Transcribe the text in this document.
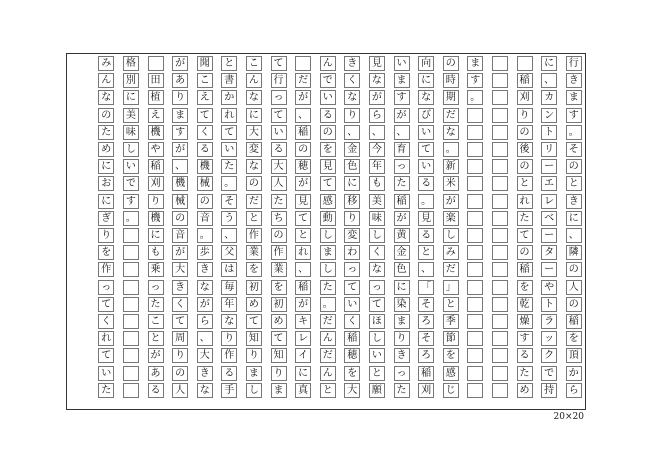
行
き
ま
す
。
そ
の
と
き
に
、
隣
の
人
の
稲
を
頂
か
ら
に
、
カ
ン
ト
リ
ー
エ
レ
ベ
ー
タ
ー
や
ト
ラ
ッ
ク
で
持
稲
刈
り
の
後
の
と
れ
た
て
の
稲
を
乾
燥
す
る
た
め
ま
す
。
の
時
期
だ
な
。
新
米
が
楽
し
み
だ
」
と
季
節
を
感
じ
向
に
な
び
い
て
い
る
。
見
る
と
、
「
そ
ろ
そ
ろ
稲
刈
い
ま
す
が
、
育
っ
た
稲
が
黄
金
色
に
染
ま
り
き
っ
た
見
な
が
ら
、
今
年
も
美
味
し
く
な
っ
て
ほ
し
い
と
願
き
く
な
り
、
金
色
に
移
り
変
わ
っ
て
い
く
稲
穂
を
大
ん
で
い
る
の
を
見
て
感
動
し
ま
し
た
。
だ
ん
だ
ん
と
だ
が
、
稲
の
穂
が
見
て
と
れ
、
稲
が
キ
レ
イ
に
真
て
行
っ
て
い
る
大
人
た
ち
の
作
業
を
初
め
て
知
り
ま
こ
ん
な
に
大
変
な
の
だ
と
作
業
を
初
め
て
知
り
ま
し
と
書
か
れ
て
い
た
。
そ
う
、
父
は
毎
年
な
り
作
る
手
聞
こ
え
て
く
る
機
械
の
音
。
歩
き
な
が
ら
、
大
き
な
が
あ
り
ま
す
が
、
機
械
の
音
が
大
き
く
て
周
り
の
人
田
植
え
機
や
稲
刈
り
機
に
も
乗
っ
た
こ
と
が
あ
る
格
別
に
美
味
し
い
で
す
。
み
ん
な
の
た
め
に
お
に
ぎ
り
を
作
っ
て
く
れ
て
い
た
20×20
